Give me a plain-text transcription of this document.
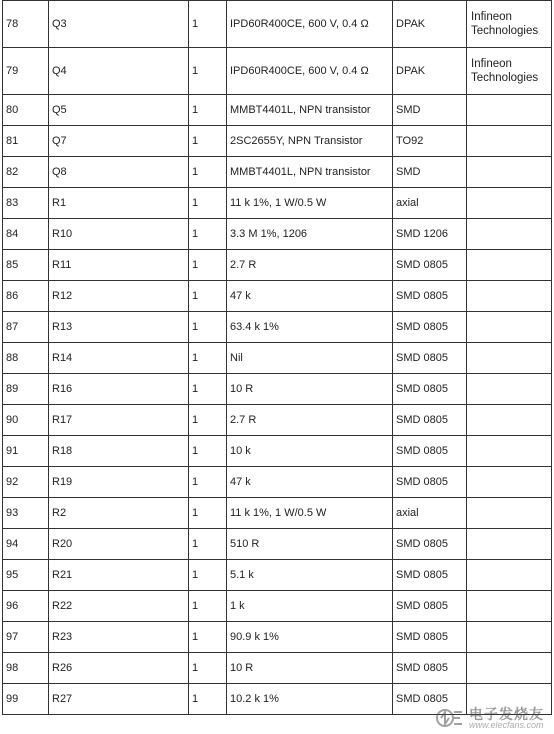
78	Q3	1	IPD60R400CE, 600 V, 0.4 Ω	DPAK	Infineon Technologies
79	Q4	1	IPD60R400CE, 600 V, 0.4 Ω	DPAK	Infineon Technologies
80	Q5	1	MMBT4401L, NPN transistor	SMD	
81	Q7	1	2SC2655Y, NPN Transistor	TO92	
82	Q8	1	MMBT4401L, NPN transistor	SMD	
83	R1	1	11 k 1%, 1 W/0.5 W	axial	
84	R10	1	3.3 M 1%, 1206	SMD 1206	
85	R11	1	2.7 R	SMD 0805	
86	R12	1	47 k	SMD 0805	
87	R13	1	63.4 k 1%	SMD 0805	
88	R14	1	Nil	SMD 0805	
89	R16	1	10 R	SMD 0805	
90	R17	1	2.7 R	SMD 0805	
91	R18	1	10 k	SMD 0805	
92	R19	1	47 k	SMD 0805	
93	R2	1	11 k 1%, 1 W/0.5 W	axial	
94	R20	1	510 R	SMD 0805	
95	R21	1	5.1 k	SMD 0805	
96	R22	1	1 k	SMD 0805	
97	R23	1	90.9 k 1%	SMD 0805	
98	R26	1	10 R	SMD 0805	
99	R27	1	10.2 k 1%	SMD 0805	
电子发烧友
www.elecfans.com
